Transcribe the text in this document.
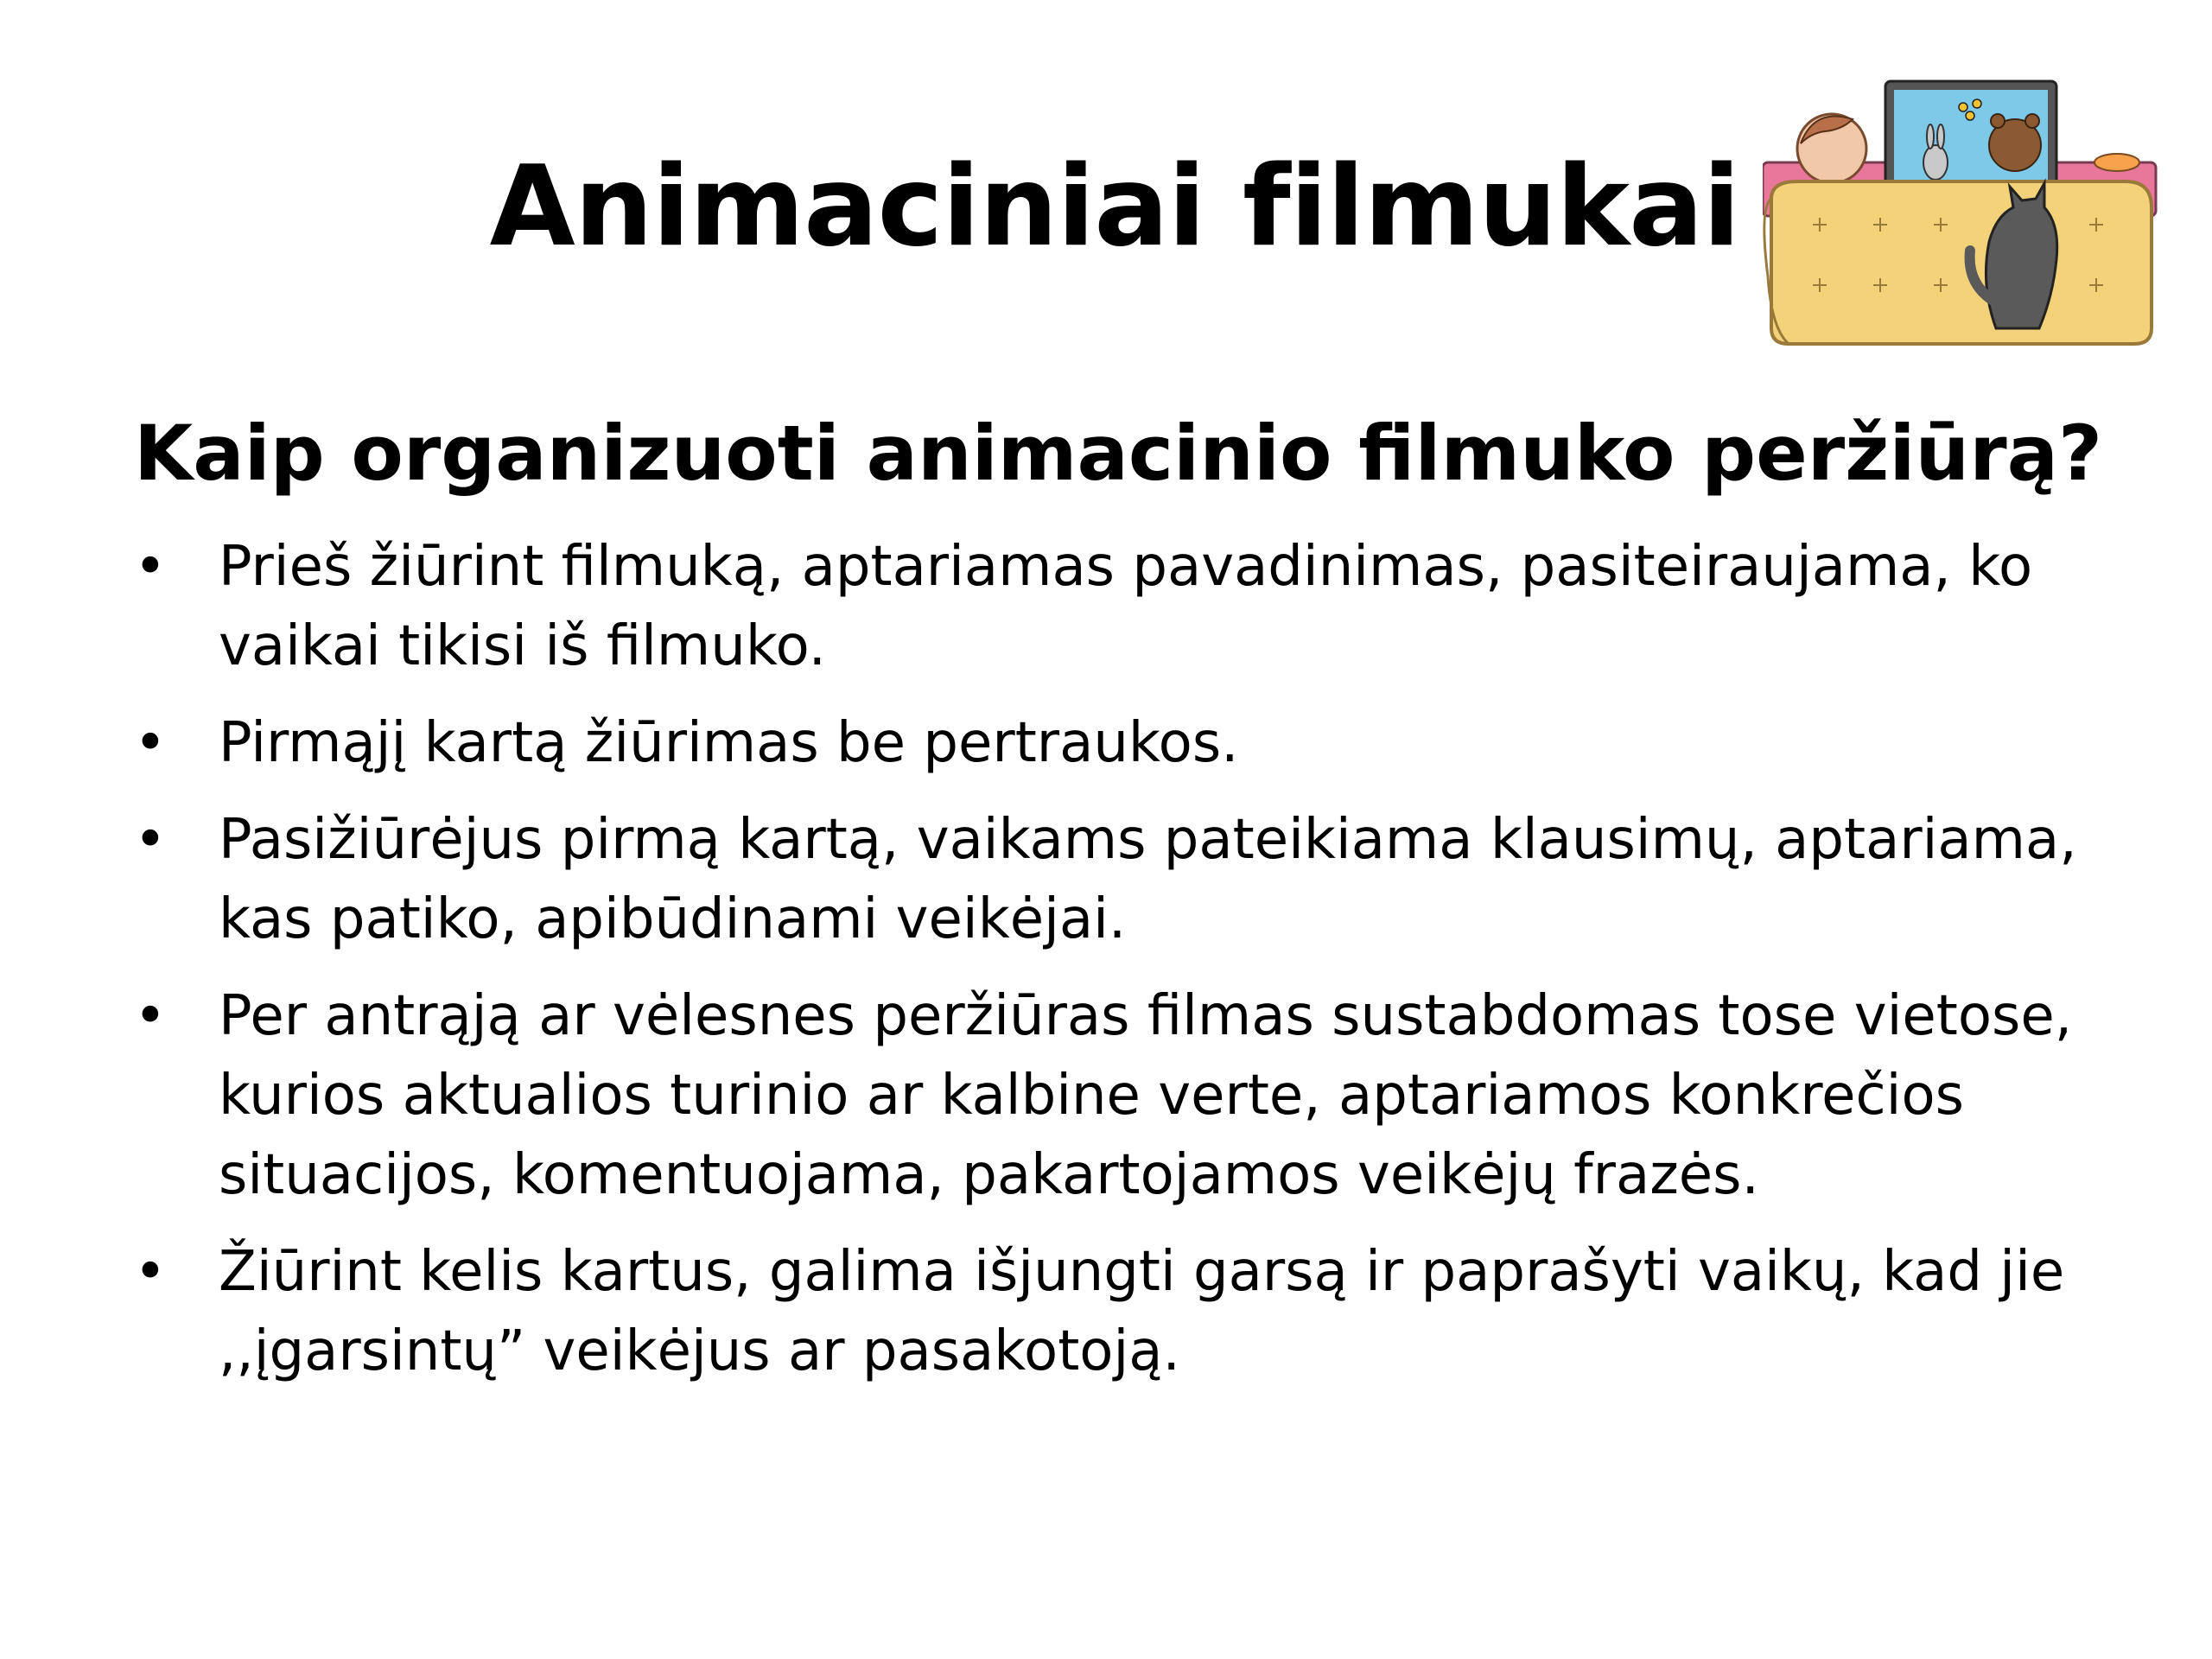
Animaciniai filmukai
Kaip organizuoti animacinio filmuko peržiūrą?
• Prieš žiūrint filmuką, aptariamas pavadinimas, pasiteiraujama, ko vaikai tikisi iš filmuko.
• Pirmąjį kartą žiūrimas be pertraukos.
• Pasižiūrėjus pirmą kartą, vaikams pateikiama klausimų, aptariama, kas patiko, apibūdinami veikėjai.
• Per antrąją ar vėlesnes peržiūras filmas sustabdomas tose vietose, kurios aktualios turinio ar kalbine verte, aptariamos konkrečios situacijos, komentuojama, pakartojamos veikėjų frazės.
• Žiūrint kelis kartus, galima išjungti garsą ir paprašyti vaikų, kad jie ,,įgarsintų” veikėjus ar pasakotoją.
